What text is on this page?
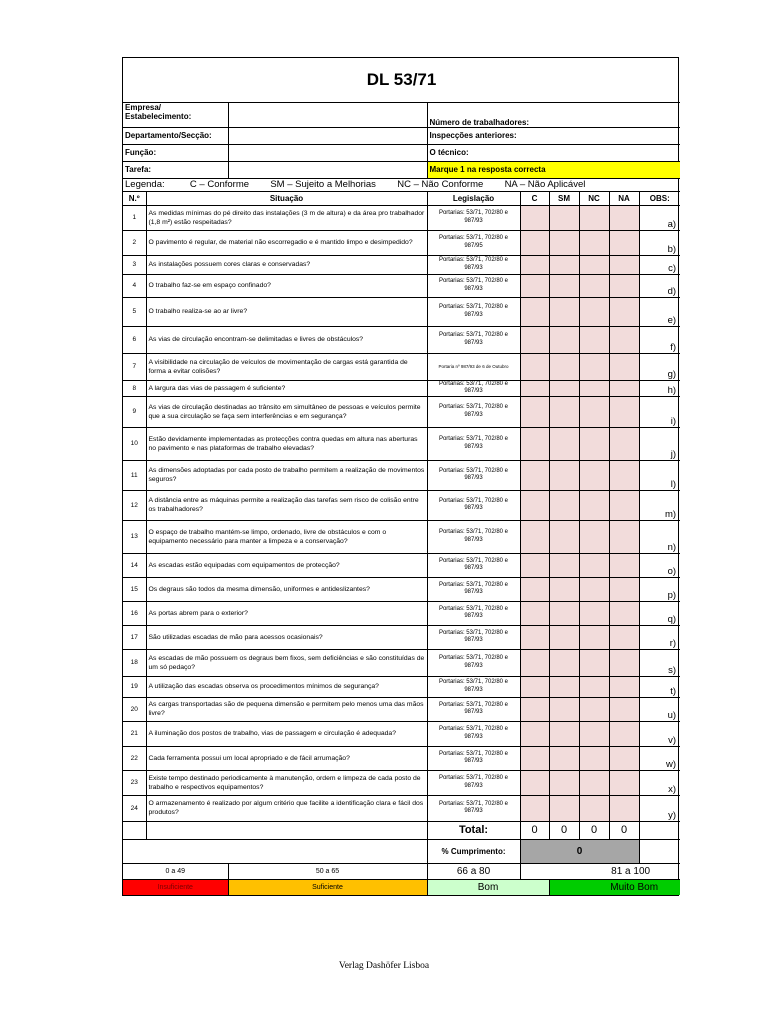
DL 53/71								
Empresa/ Estabelecimento:			Número de trabalhadores:					
Departamento/Secção:			Inspecções anteriores:					
Função:			O técnico:					
Tarefa:			Marque 1 na resposta correcta					
Legenda: C – Conforme SM – Sujeito a Melhorias NC – Não Conforme NA – Não Aplicável								
N.º	Situação		Legislação	C	SM	NC	NA	OBS:
1	As medidas mínimas do pé direito das instalações (3 m de altura) e da área pro trabalhador (1,8 m²) estão respeitadas?		Portarias: 53/71, 702/80 e 987/93					a)
2	O pavimento é regular, de material não escorregadio e é mantido limpo e desimpedido?		Portarias: 53/71, 702/80 e 987/95					b)
3	As instalações possuem cores claras e conservadas?		Portarias: 53/71, 702/80 e 987/93					c)
4	O trabalho faz-se em espaço confinado?		Portarias: 53/71, 702/80 e 987/93					d)
5	O trabalho realiza-se ao ar livre?		Portarias: 53/71, 702/80 e 987/93					e)
6	As vias de circulação encontram-se delimitadas e livres de obstáculos?		Portarias: 53/71, 702/80 e 987/93					f)
7	A visibilidade na circulação de veículos de movimentação de cargas está garantida de forma a evitar colisões?		Portaria nº 987/93 de 6 de Outubro					g)
8	A largura das vias de passagem é suficiente?		Portarias: 53/71, 702/80 e 987/93					h)
9	As vias de circulação destinadas ao trânsito em simultâneo de pessoas e veículos permite que a sua circulação se faça sem interferências e em segurança?		Portarias: 53/71, 702/80 e 987/93					i)
10	Estão devidamente implementadas as protecções contra quedas em altura nas aberturas no pavimento e nas plataformas de trabalho elevadas?		Portarias: 53/71, 702/80 e 987/93					j)
11	As dimensões adoptadas por cada posto de trabalho permitem a realização de movimentos seguros?		Portarias: 53/71, 702/80 e 987/93					l)
12	A distância entre as máquinas permite a realização das tarefas sem risco de colisão entre os trabalhadores?		Portarias: 53/71, 702/80 e 987/93					m)
13	O espaço de trabalho mantém-se limpo, ordenado, livre de obstáculos e com o equipamento necessário para manter a limpeza e a conservação?		Portarias: 53/71, 702/80 e 987/93					n)
14	As escadas estão equipadas com equipamentos de protecção?		Portarias: 53/71, 702/80 e 987/93					o)
15	Os degraus são todos da mesma dimensão, uniformes e antideslizantes?		Portarias: 53/71, 702/80 e 987/93					p)
16	As portas abrem para o exterior?		Portarias: 53/71, 702/80 e 987/93					q)
17	São utilizadas escadas de mão para acessos ocasionais?		Portarias: 53/71, 702/80 e 987/93					r)
18	As escadas de mão possuem os degraus bem fixos, sem deficiências e são constituídas de um só pedaço?		Portarias: 53/71, 702/80 e 987/93					s)
19	A utilização das escadas observa os procedimentos mínimos de segurança?		Portarias: 53/71, 702/80 e 987/93					t)
20	As cargas transportadas são de pequena dimensão e permitem pelo menos uma das mãos livre?		Portarias: 53/71, 702/80 e 987/93					u)
21	A iluminação dos postos de trabalho, vias de passagem e circulação é adequada?		Portarias: 53/71, 702/80 e 987/93					v)
22	Cada ferramenta possui um local apropriado e de fácil arrumação?		Portarias: 53/71, 702/80 e 987/93					w)
23	Existe tempo destinado periodicamente à manutenção, ordem e limpeza de cada posto de trabalho e respectivos equipamentos?		Portarias: 53/71, 702/80 e 987/93					x)
24	O armazenamento é realizado por algum critério que facilite a identificação clara e fácil dos produtos?		Portarias: 53/71, 702/80 e 987/93					y)
			Total:	0	0	0	0	
			% Cumprimento:	0				
0 a 49		50 a 65	66 a 80	81 a 100				
Insuficiente		Suficiente	Bom		Muito Bom			
Verlag Dashöfer Lisboa
